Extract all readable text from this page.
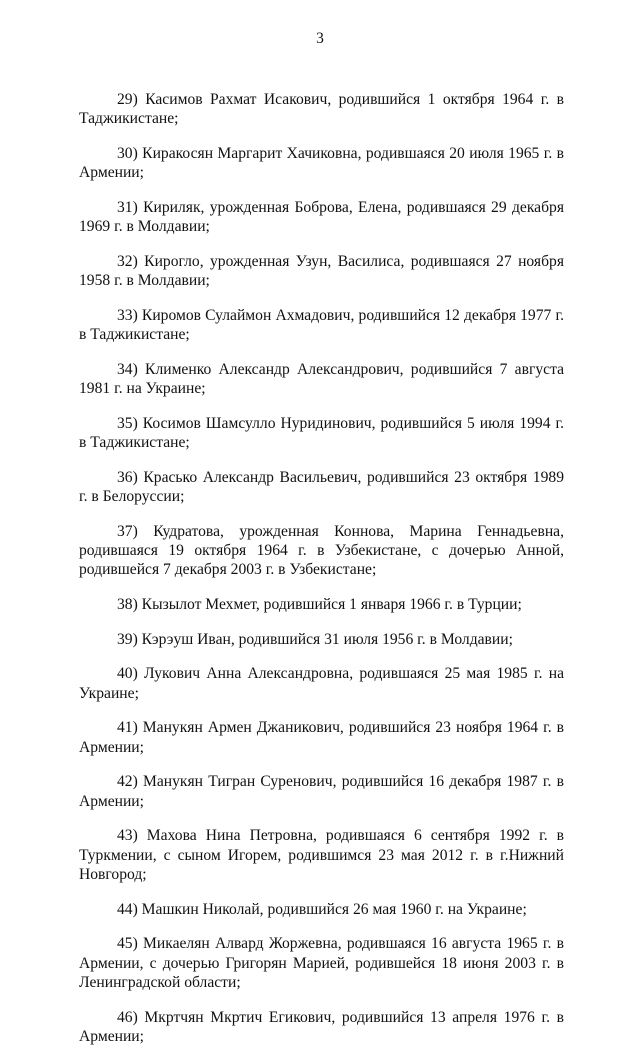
3

29) Касимов Рахмат Исакович, родившийся 1 октября 1964 г. в Таджикистане;

30) Киракосян Маргарит Хачиковна, родившаяся 20 июля 1965 г. в Армении;

31) Кириляк, урожденная Боброва, Елена, родившаяся 29 декабря 1969 г. в Молдавии;

32) Кирогло, урожденная Узун, Василиса, родившаяся 27 ноября 1958 г. в Молдавии;

33) Киромов Сулаймон Ахмадович, родившийся 12 декабря 1977 г. в Таджикистане;

34) Клименко Александр Александрович, родившийся 7 августа 1981 г. на Украине;

35) Косимов Шамсулло Нуридинович, родившийся 5 июля 1994 г. в Таджикистане;

36) Красько Александр Васильевич, родившийся 23 октября 1989 г. в Белоруссии;

37) Кудратова, урожденная Коннова, Марина Геннадьевна, родившаяся 19 октября 1964 г. в Узбекистане, с дочерью Анной, родившейся 7 декабря 2003 г. в Узбекистане;

38) Кызылот Мехмет, родившийся 1 января 1966 г. в Турции;

39) Кэрэуш Иван, родившийся 31 июля 1956 г. в Молдавии;

40) Лукович Анна Александровна, родившаяся 25 мая 1985 г. на Украине;

41) Манукян Армен Джаникович, родившийся 23 ноября 1964 г. в Армении;

42) Манукян Тигран Суренович, родившийся 16 декабря 1987 г. в Армении;

43) Махова Нина Петровна, родившаяся 6 сентября 1992 г. в Туркмении, с сыном Игорем, родившимся 23 мая 2012 г. в г.Нижний Новгород;

44) Машкин Николай, родившийся 26 мая 1960 г. на Украине;

45) Микаелян Алвард Жоржевна, родившаяся 16 августа 1965 г. в Армении, с дочерью Григорян Марией, родившейся 18 июня 2003 г. в Ленинградской области;

46) Мкртчян Мкртич Егикович, родившийся 13 апреля 1976 г. в Армении;
